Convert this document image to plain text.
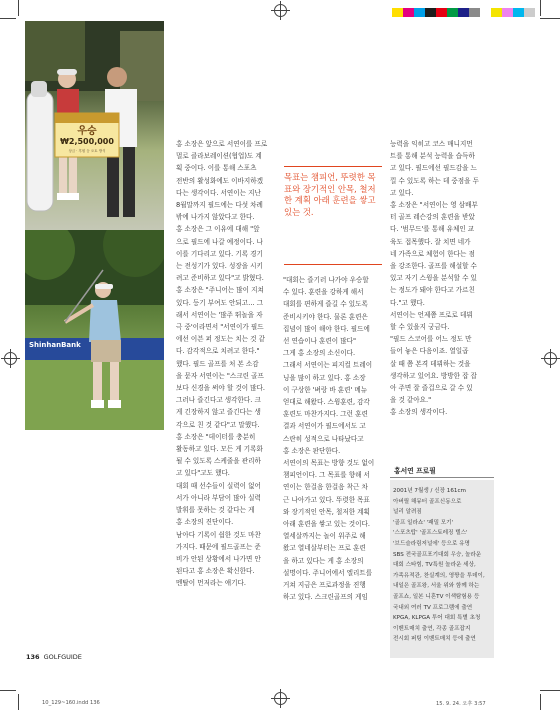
우승
₩2,500,000
상금 · 후원 등 오토 방식
ShinhanBank
홍 소장은 앞으로 서연이를 프로
멀로 클라보레이션(협업)도 계
획 중이다. 이를 통해 스포츠
전반의 활성화에도 이바지하겠
다는 생각이다. 서연이는 지난
8월말까지 필드에는 다섯 차례
밖에 나가지 않았다고 한다.
홍 소장은 그 이유에 대해 "앞
으로 필드에 나갈 예정이다. 나
이를 기다리고 있다. 기록 경기
는 전성기가 있다. 성장을 시키
려고 준비하고 있다"고 밝혔다.
홍 소장은 "주니어는 많이 지쳐
있다. 등기 부여도 안되고… 그
래서 서연이는 '많주 뛰놀을 자
극 중'이라면서 "서연이가 필드
에선 이븐 퍼 정도는 치는 것 같
다. 감각적으로 치려고 한다."
했다. 필드 골프를 처 본 소감
을 묻자 서연이는 "스크린 골프
보다 신경을 써야 할 것이 많다.
그러나 즐긴다고 생각한다. 크
게 긴장하지 않고 즐긴다는 생
각으로 친 것 같다"고 말했다.
홍 소장은 "데이터를 충분히
활동하고 있다. 모든 게 기록화
될 수 있도록 스케줄을 관리하
고 있다"고도 했다.
대회 때 선수들이 실력이 없어
서가 아니라 부담이 많아 실력
발휘를 못하는 것 같다는 게
홍 소장의 진단이다.
남아다 기록이 쉽한 것도 마찬
가지다. 때문에 필드골프는 준
비가 안된 상황에서 나가면 안
된다고 홍 소장은 확신한다.
멘탈이 먼저라는 얘기다.
목표는 챔피언, 뚜렷한 목표와 장기적인 안목, 철저한 계획 아래 훈련을 쌓고 있는 것.
"대회는 즐기러 나가야 우승할
수 있다. 훈련을 강하게 해서
대회를 편하게 즐길 수 있도록
준비시키야 한다. 물론 훈련은
집념이 많이 해야 한다. 필드에
선 연습이나 훈련이 많다"
그게 홍 소장의 소신이다.
그래서 서연이는 피지컬 트레이
닝을 많이 하고 있다. 홍 소장
이 구상한 '벼랑 바 훈련' 메뉴
얻대로 해왔다. 스윙훈련, 감각
훈련도 마찬가지다. 그런 훈련
결과 서연이가 필드에서도 고
스란히 성적으로 나타났다고
홍 소장은 판단한다.
서연이의 목표는 방향 것도 없이
챔피언이다. 그 목표를 향해 서
연이는 한걸음 한걸음 착근 차
근 나아가고 있다. 뚜렷한 목표
와 장기적인 안목, 철저한 계획
아래 훈련을 쌓고 있는 것이다.
열세살까지는 놀이 위주로 해
왔고 열네살부터는 프로 훈련
을 하고 있다는 게 홍 소장의
설명이다. 주니어에서 엘리트를
거쳐 지금은 프로과정을 진행
하고 있다. 스크린골프의 게임
능력을 익히고 코스 매니지먼
트를 통해 분석 능력을 습득하
고 있다. 필드에선 필드감을 느
낄 수 있도록 하는 데 중점을 두
고 있다.
홍 소장은 "서연이는 영 삼배부
터 골프 레슨강의 훈련을 받았
다. '범무드'를 통해 유체인 교
육도 접목했다. 잘 치면 네가
네 가족으로 체험이 한다는 점
을 강조한다. 골프를 해설할 수
있고 자기 스윙을 분석할 수 있
는 정도가 돼야 한다고 가르친
다."고 했다.
서연이는 언제쯤 프로로 데뷔
할 수 있을지 궁금다.
"필드 스코어를 어느 정도 만
들어 놓은 다음이죠. 열일곱
살 때 쯤 본격 데뷔하는 것을
생각하고 있어요. 방방한 잡 잡
아 주면 잘 즐겁으로 갈 수 있
을 것 같아요."
홍 소장의 생각이다.
홍서연 프로필
2001년 7월생 / 신장 161cm
아버릴 해뮤터 골프신동으로
널리 알려짐
'골프 일라쇼' '패밀 모기'
'스포츠탑' '골프스토레징 텔스'
'브드슬라림저널에' 등으로 유명
SBS 전국골프포기대회 우승, 놀라운
대회 스타힘, TV특원 놀라운 세상,
가족유적관, 찬실계의, 영짱을 투데이,
내일은 골프왕, 서울 위와 함께 하는
골프쇼, 일본 니혼TV 이색탐험용 등
국내외 여러 TV 프로그램에 출연
KPGA, KLPGA 투어 대회 특별 초청
이벤트매치 출연, 각종 골프잡지
전시회 퍼팅 이벤트매치 등에 출연
136 GOLFGUIDE
10_129~160.indd 136	15. 9. 24. 오후 3:57
